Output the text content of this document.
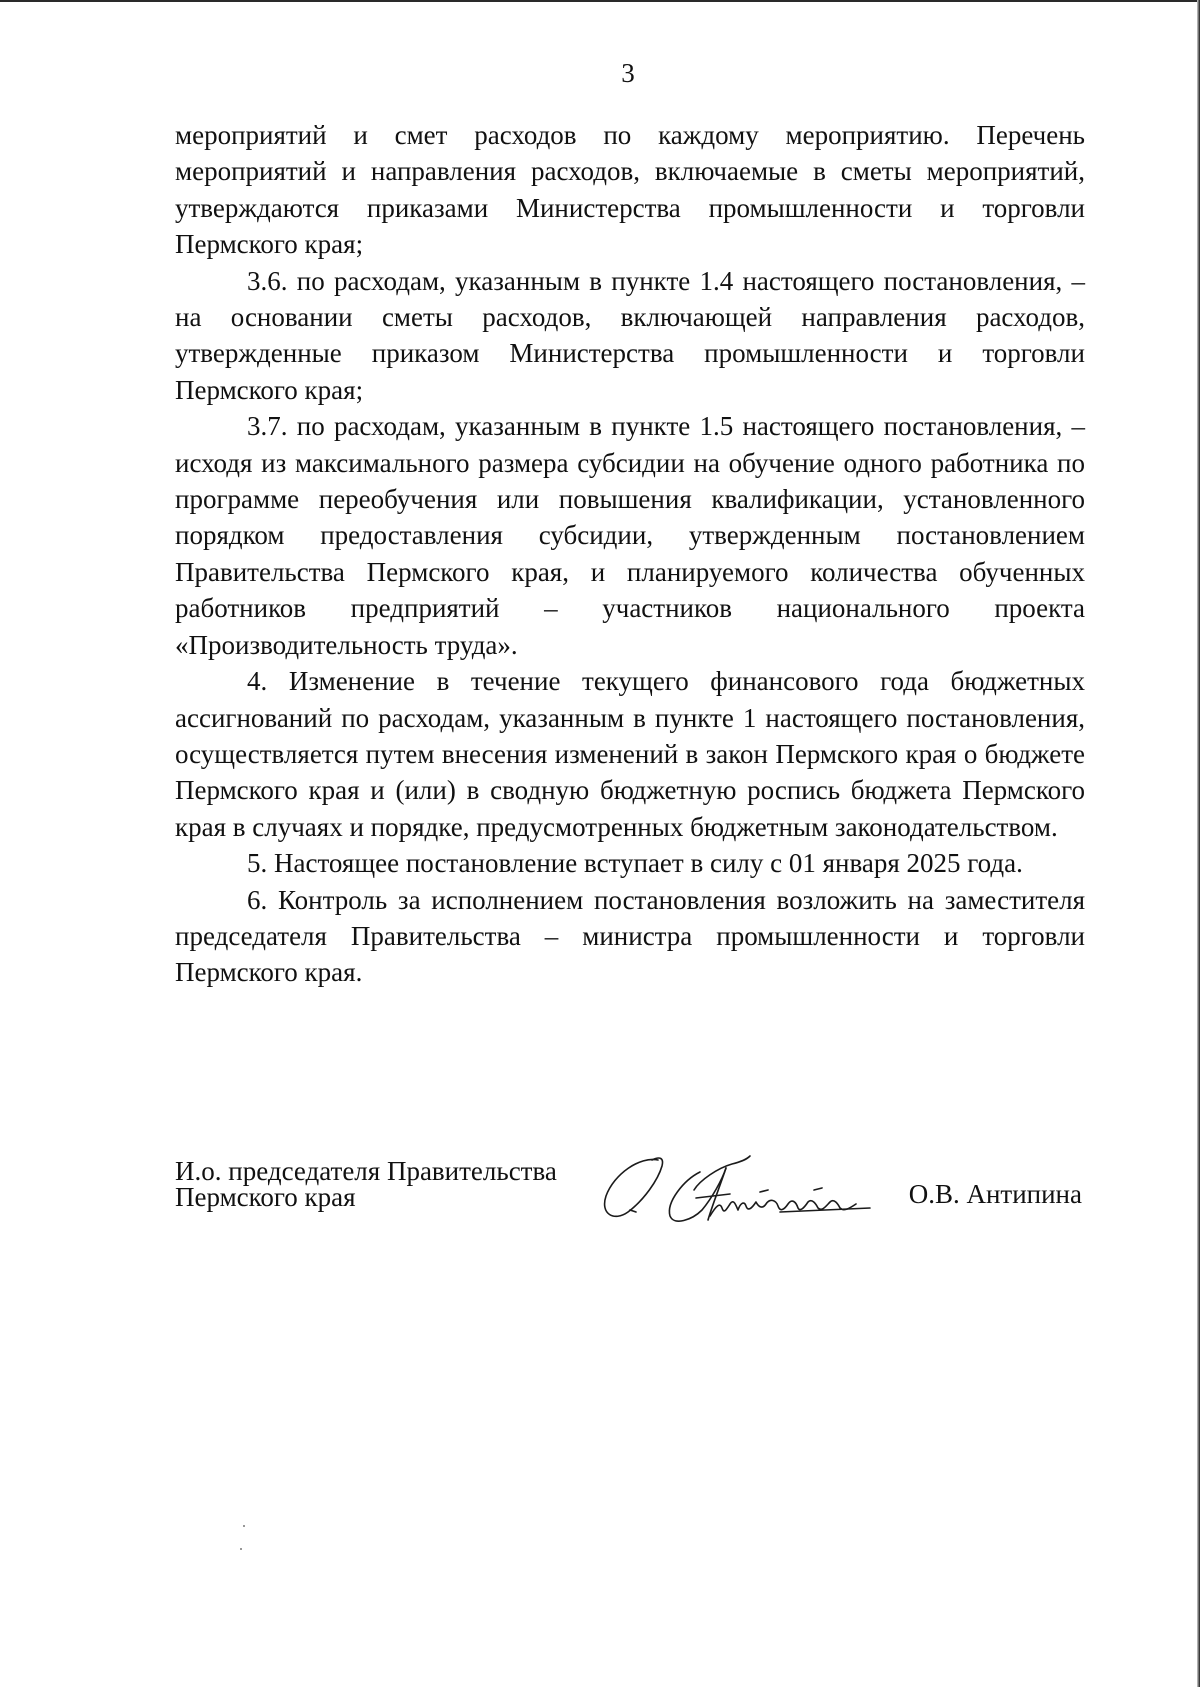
3

мероприятий и смет расходов по каждому мероприятию. Перечень мероприятий и направления расходов, включаемые в сметы мероприятий, утверждаются приказами Министерства промышленности и торговли Пермского края;

3.6. по расходам, указанным в пункте 1.4 настоящего постановления, – на основании сметы расходов, включающей направления расходов, утвержденные приказом Министерства промышленности и торговли Пермского края;

3.7. по расходам, указанным в пункте 1.5 настоящего постановления, – исходя из максимального размера субсидии на обучение одного работника по программе переобучения или повышения квалификации, установленного порядком предоставления субсидии, утвержденным постановлением Правительства Пермского края, и планируемого количества обученных работников предприятий – участников национального проекта «Производительность труда».

4. Изменение в течение текущего финансового года бюджетных ассигнований по расходам, указанным в пункте 1 настоящего постановления, осуществляется путем внесения изменений в закон Пермского края о бюджете Пермского края и (или) в сводную бюджетную роспись бюджета Пермского края в случаях и порядке, предусмотренных бюджетным законодательством.

5. Настоящее постановление вступает в силу с 01 января 2025 года.

6. Контроль за исполнением постановления возложить на заместителя председателя Правительства – министра промышленности и торговли Пермского края.

И.о. председателя Правительства
Пермского края	О.В. Антипина
